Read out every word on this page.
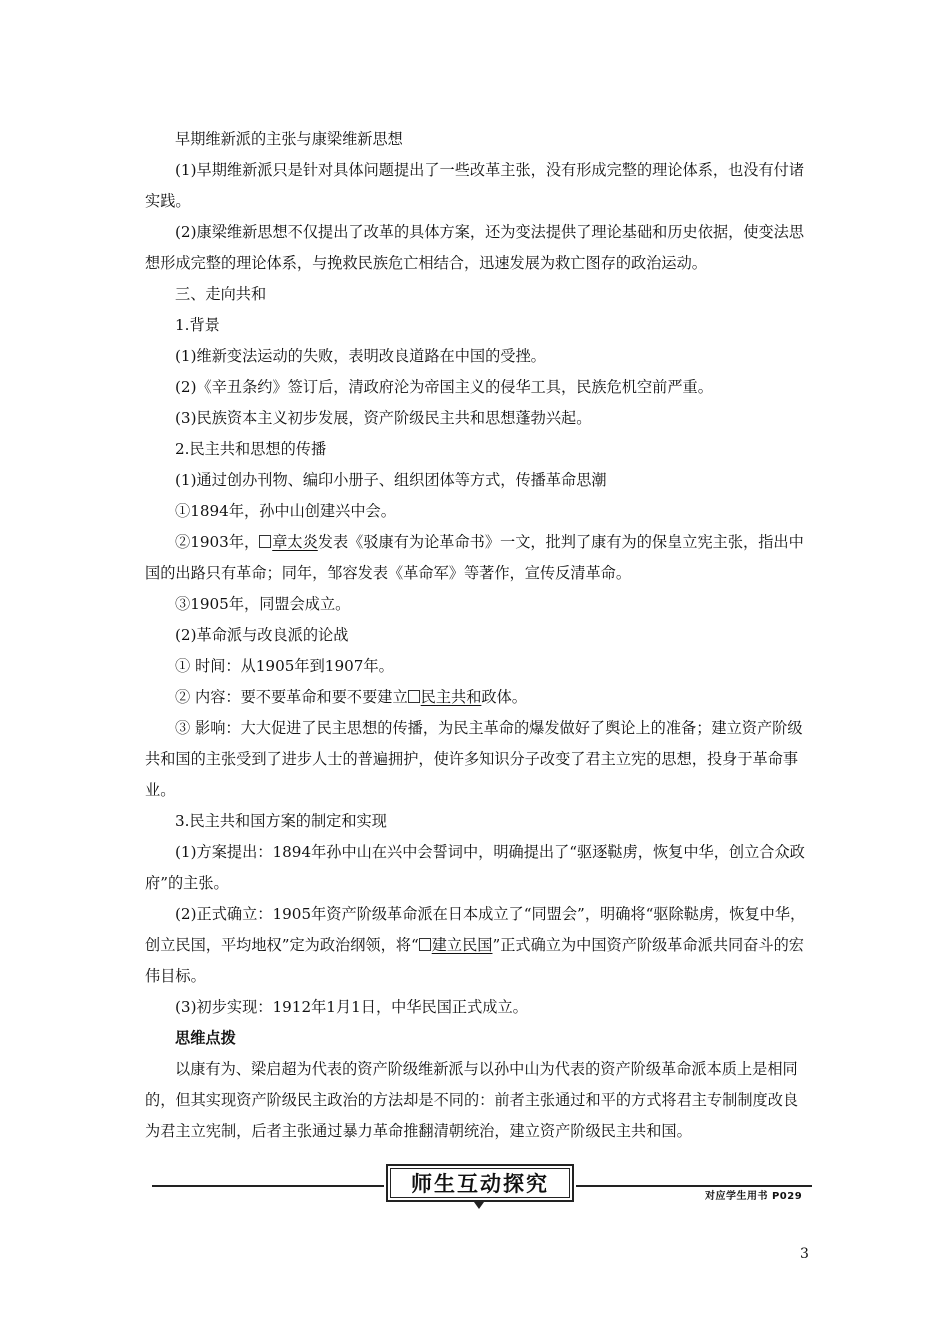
早期维新派的主张与康梁维新思想

(1)早期维新派只是针对具体问题提出了一些改革主张，没有形成完整的理论体系，也没有付诸实践。

(2)康梁维新思想不仅提出了改革的具体方案，还为变法提供了理论基础和历史依据，使变法思想形成完整的理论体系，与挽救民族危亡相结合，迅速发展为救亡图存的政治运动。

三、走向共和

1.背景

(1)维新变法运动的失败，表明改良道路在中国的受挫。

(2)《辛丑条约》签订后，清政府沦为帝国主义的侵华工具，民族危机空前严重。

(3)民族资本主义初步发展，资产阶级民主共和思想蓬勃兴起。

2.民主共和思想的传播

(1)通过创办刊物、编印小册子、组织团体等方式，传播革命思潮

①1894年，孙中山创建兴中会。

②1903年， 章太炎发表《驳康有为论革命书》一文，批判了康有为的保皇立宪主张，指出中国的出路只有革命；同年，邹容发表《革命军》等著作，宣传反清革命。

③1905年，同盟会成立。

(2)革命派与改良派的论战

① 时间：从1905年到1907年。

② 内容：要不要革命和要不要建立 民主共和政体。

③ 影响：大大促进了民主思想的传播，为民主革命的爆发做好了舆论上的准备；建立资产阶级共和国的主张受到了进步人士的普遍拥护，使许多知识分子改变了君主立宪的思想，投身于革命事业。

3.民主共和国方案的制定和实现

(1)方案提出：1894年孙中山在兴中会誓词中，明确提出了“驱逐鞑虏，恢复中华，创立合众政府”的主张。

(2)正式确立：1905年资产阶级革命派在日本成立了“同盟会”，明确将“驱除鞑虏，恢复中华，创立民国，平均地权”定为政治纲领，将“ 建立民国”正式确立为中国资产阶级革命派共同奋斗的宏伟目标。

(3)初步实现：1912年1月1日，中华民国正式成立。

思维点拨

以康有为、梁启超为代表的资产阶级维新派与以孙中山为代表的资产阶级革命派本质上是相同的，但其实现资产阶级民主政治的方法却是不同的：前者主张通过和平的方式将君主专制制度改良为君主立宪制，后者主张通过暴力革命推翻清朝统治，建立资产阶级民主共和国。

师生互动探究
对应学生用书 P029
3
